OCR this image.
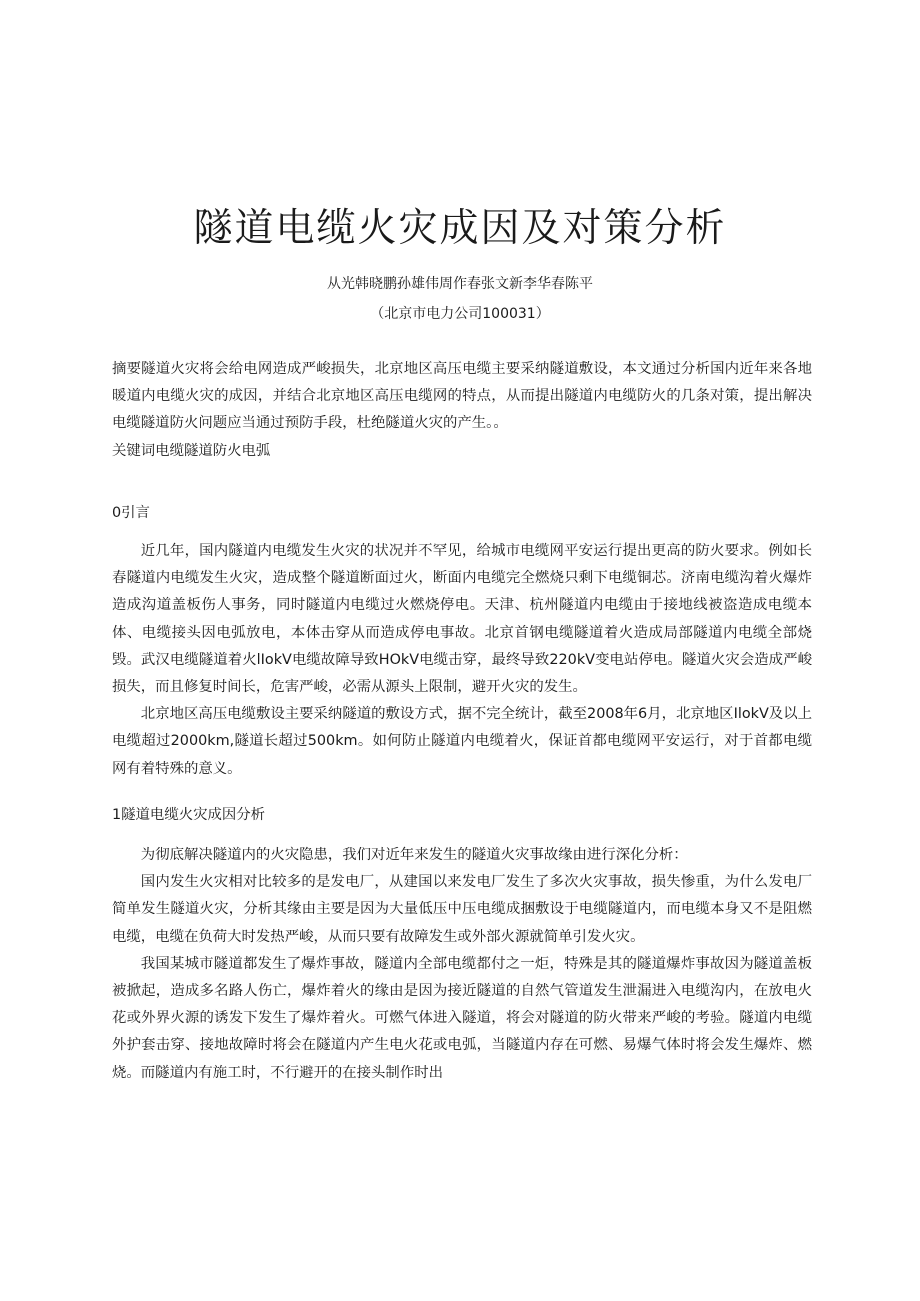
隧道电缆火灾成因及对策分析
从光韩晓鹏孙雄伟周作春张文新李华春陈平
（北京市电力公司100031）

摘要隧道火灾将会给电网造成严峻损失，北京地区高压电缆主要采纳隧道敷设，本文通过分析国内近年来各地暖道内电缆火灾的成因，并结合北京地区高压电缆网的特点，从而提出隧道内电缆防火的几条对策，提出解决电缆隧道防火问题应当通过预防手段，杜绝隧道火灾的产生。。

关键词电缆隧道防火电弧

0引言

近几年，国内隧道内电缆发生火灾的状况并不罕见，给城市电缆网平安运行提出更高的防火要求。例如长春隧道内电缆发生火灾，造成整个隧道断面过火，断面内电缆完全燃烧只剩下电缆铜芯。济南电缆沟着火爆炸造成沟道盖板伤人事务，同时隧道内电缆过火燃烧停电。天津、杭州隧道内电缆由于接地线被盗造成电缆本体、电缆接头因电弧放电，本体击穿从而造成停电事故。北京首钢电缆隧道着火造成局部隧道内电缆全部烧毁。武汉电缆隧道着火lIokV电缆故障导致HOkV电缆击穿，最终导致220kV变电站停电。隧道火灾会造成严峻损失，而且修复时间长，危害严峻，必需从源头上限制，避开火灾的发生。

北京地区高压电缆敷设主要采纳隧道的敷设方式，据不完全统计，截至2008年6月，北京地区IlokV及以上电缆超过2000km,隧道长超过500km。如何防止隧道内电缆着火，保证首都电缆网平安运行，对于首都电缆网有着特殊的意义。

1隧道电缆火灾成因分析

为彻底解决隧道内的火灾隐患，我们对近年来发生的隧道火灾事故缘由进行深化分析：

国内发生火灾相对比较多的是发电厂，从建国以来发电厂发生了多次火灾事故，损失惨重，为什么发电厂简单发生隧道火灾，分析其缘由主要是因为大量低压中压电缆成捆敷设于电缆隧道内，而电缆本身又不是阻燃电缆，电缆在负荷大时发热严峻，从而只要有故障发生或外部火源就简单引发火灾。

我国某城市隧道都发生了爆炸事故，隧道内全部电缆都付之一炬，特殊是其的隧道爆炸事故因为隧道盖板被掀起，造成多名路人伤亡，爆炸着火的缘由是因为接近隧道的自然气管道发生泄漏进入电缆沟内，在放电火花或外界火源的诱发下发生了爆炸着火。可燃气体进入隧道，将会对隧道的防火带来严峻的考验。隧道内电缆外护套击穿、接地故障时将会在隧道内产生电火花或电弧，当隧道内存在可燃、易爆气体时将会发生爆炸、燃烧。而隧道内有施工时，不行避开的在接头制作时出
